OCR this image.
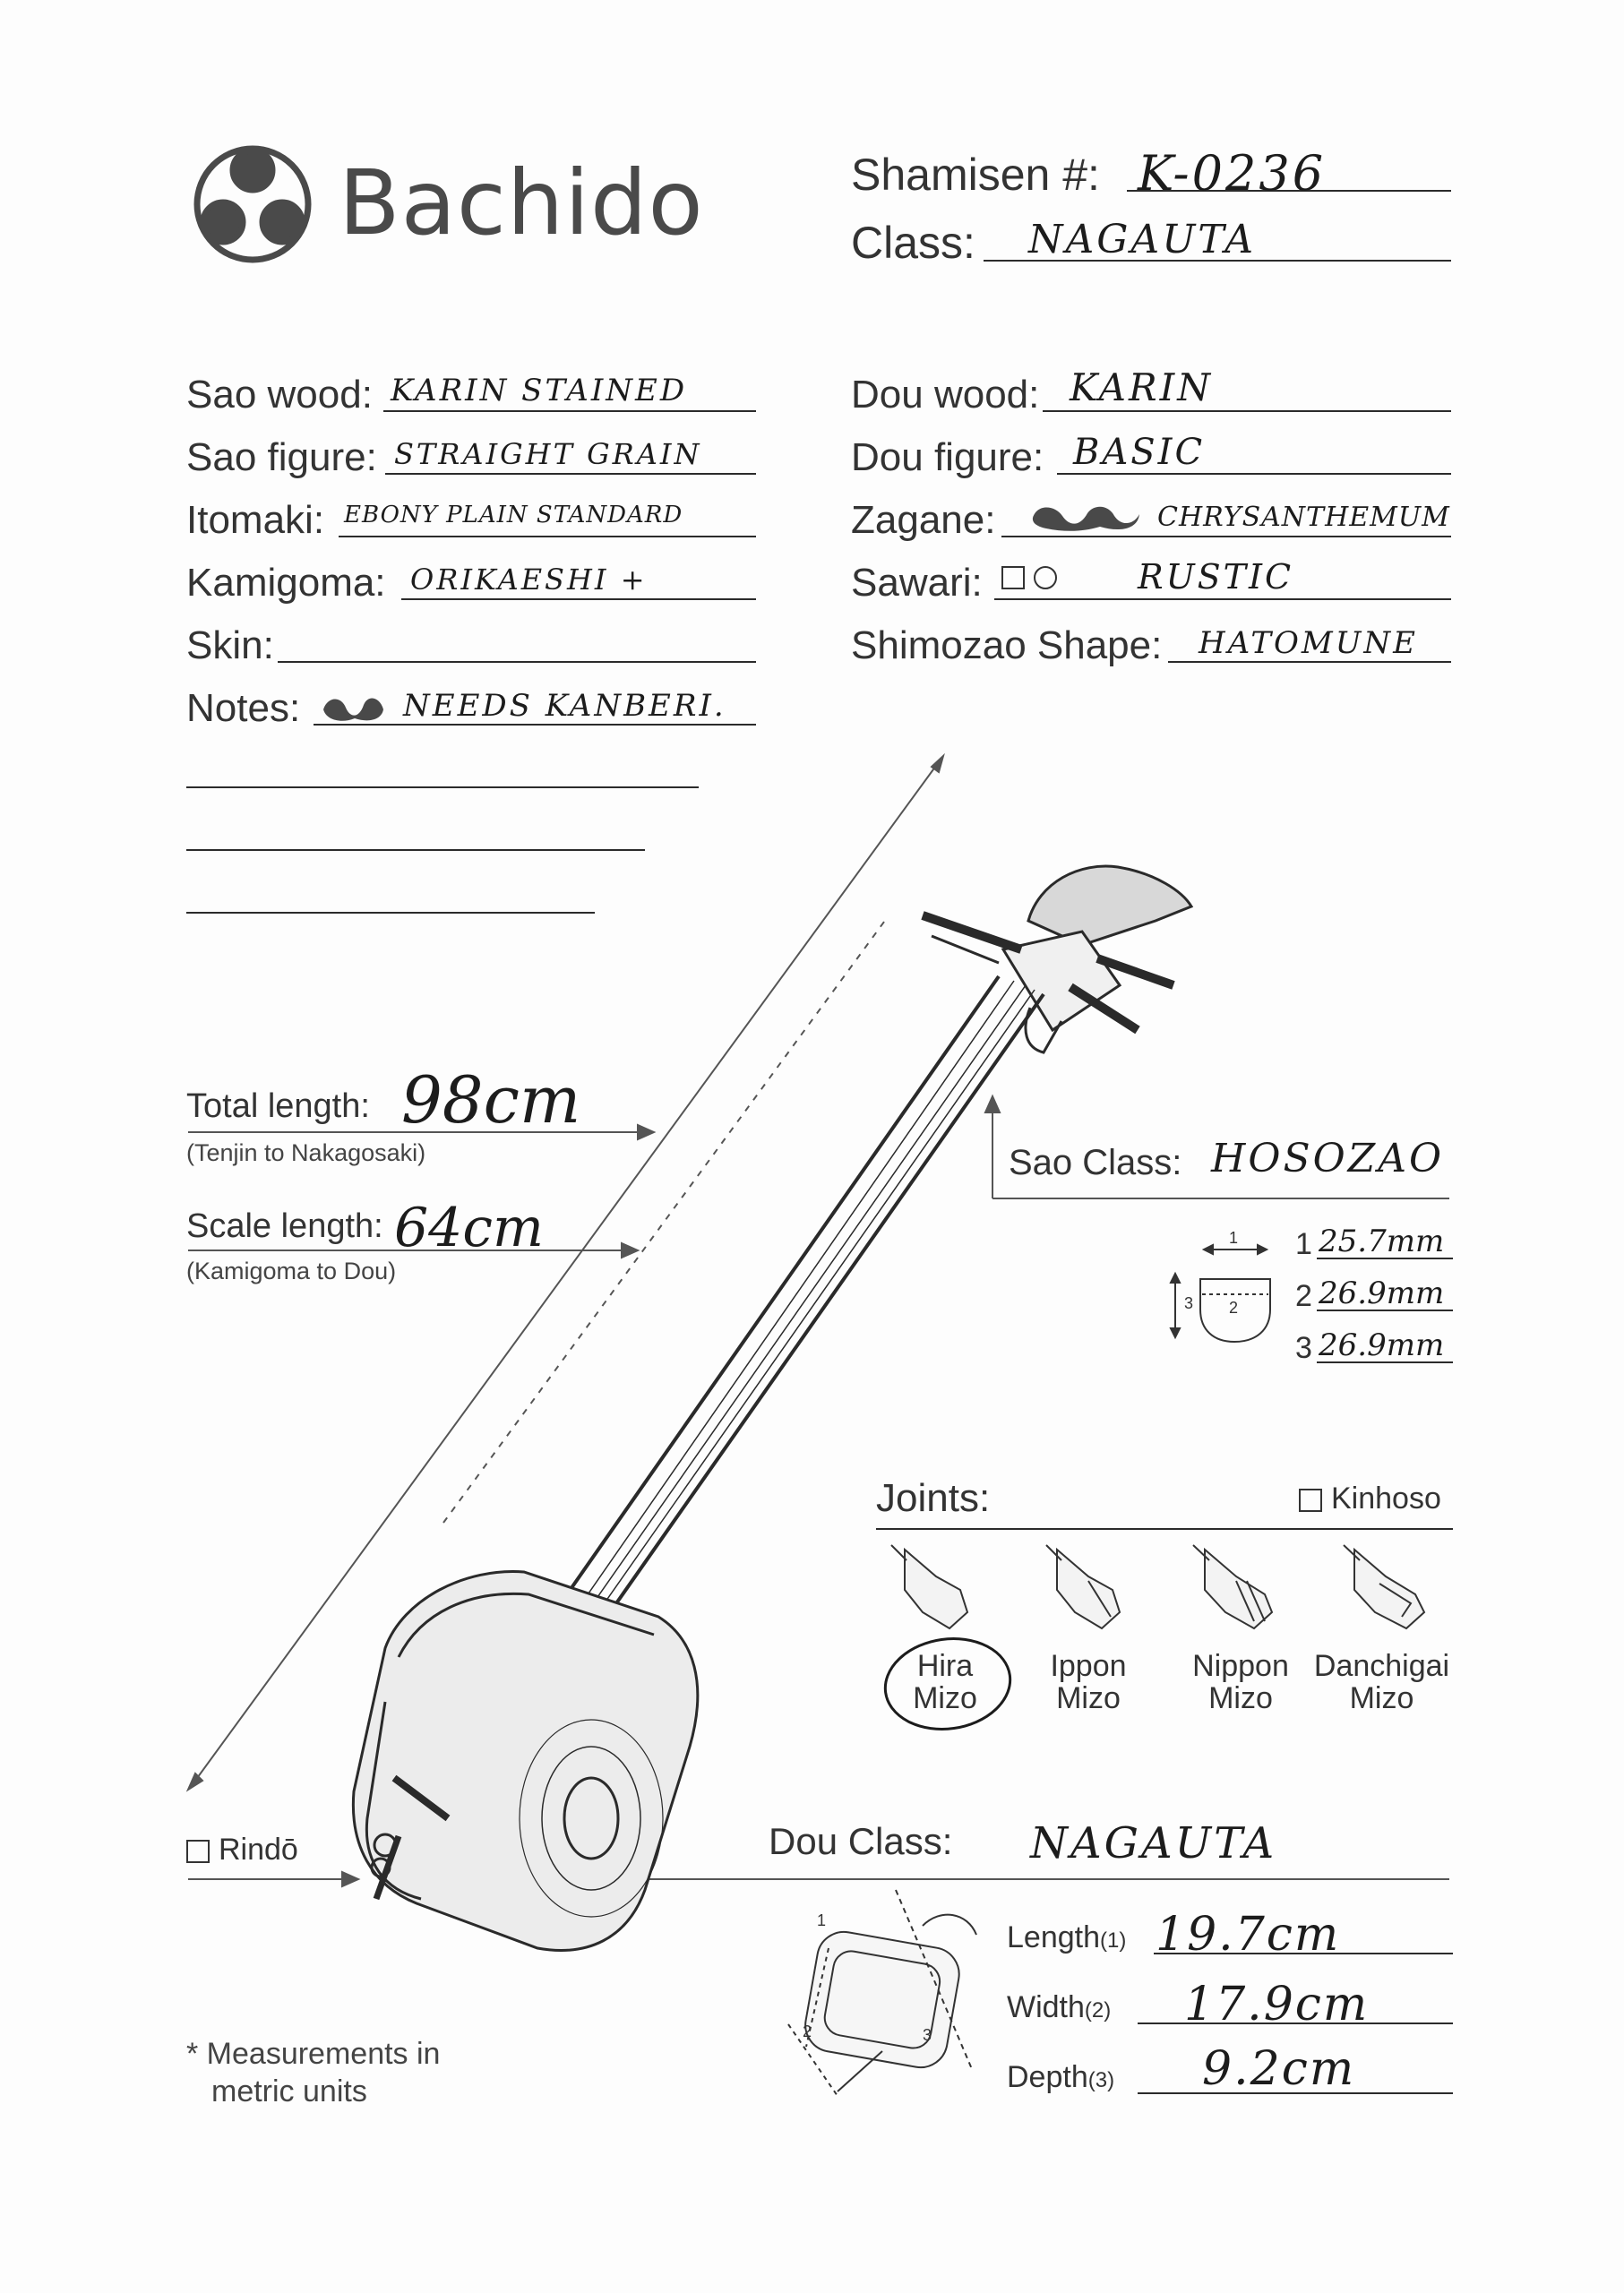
Bachido	Shamisen #: K-0236
Class: NAGAUTA
Sao wood: KARIN STAINED
Sao figure: STRAIGHT GRAIN
Itomaki: EBONY PLAIN STANDARD
Kamigoma: ORIKAESHI +
Skin:
Notes:	NEEDS KANBERI.
Dou wood: KARIN
Dou figure: BASIC
Zagane:	CHRYSANTHEMUM
Sawari:	RUSTIC
Shimozao Shape: HATOMUNE
Total length: 98cm
(Tenjin to Nakagosaki)
Scale length: 64cm
(Kamigoma to Dou)
Sao Class: HOSOZAO
1
2
3
1 25.7mm
2 26.9mm
3 26.9mm
Joints:	Kinhoso
Hira
Mizo
Ippon
Mizo
Nippon
Mizo
Danchigai
Mizo
Rindō	Dou Class: NAGAUTA
1
2	3
Length(1) 19.7cm
Width(2) 17.9cm
Depth(3) 9.2cm
* Measurements in
metric units
